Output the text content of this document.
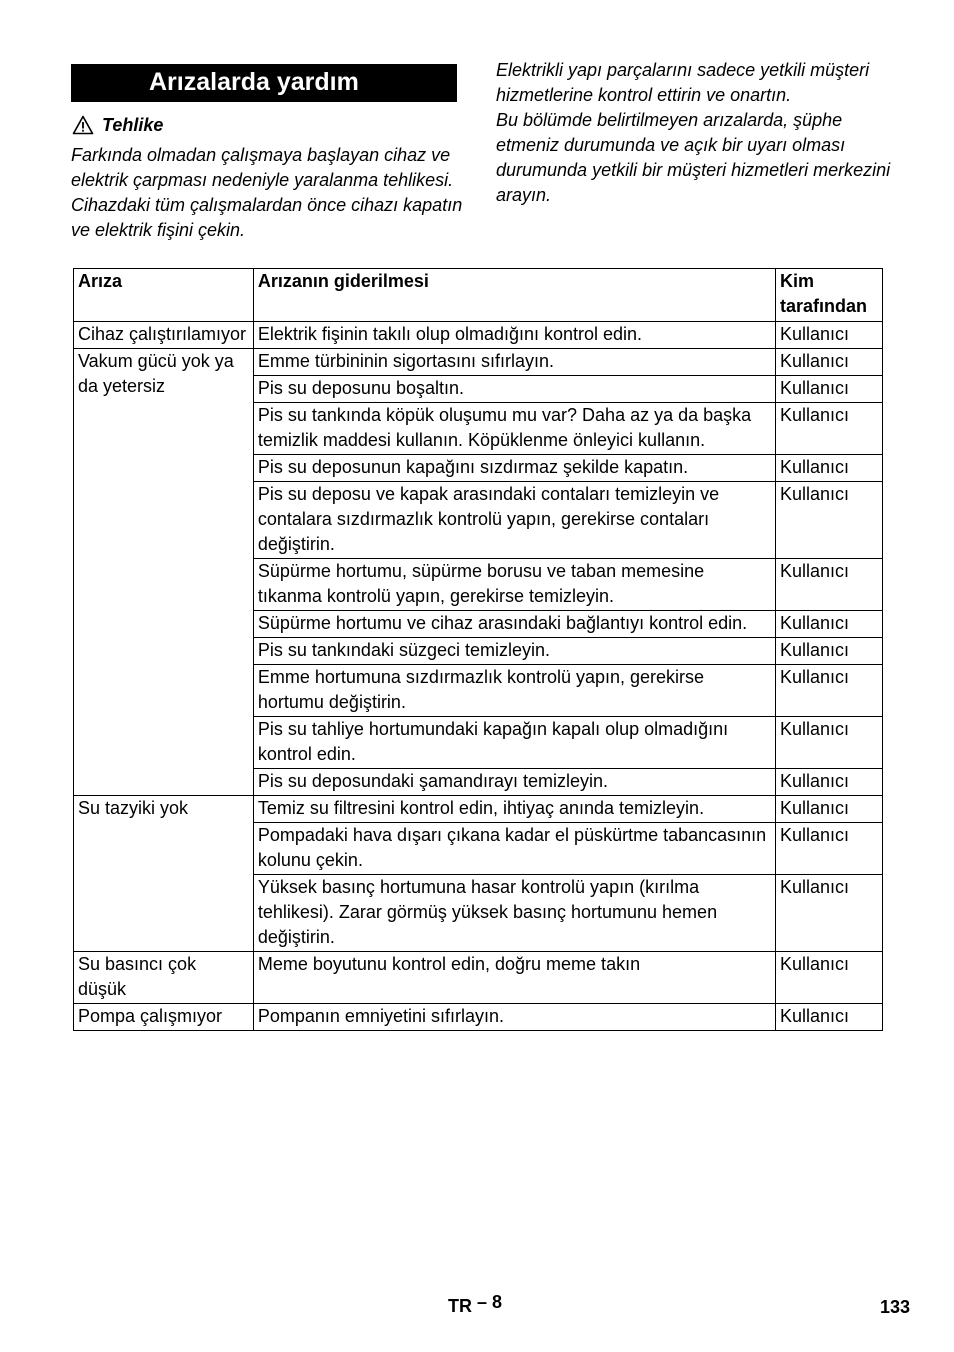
Arızalarda yardım
Tehlike

Farkında olmadan çalışmaya başlayan cihaz ve elektrik çarpması nedeniyle yaralanma tehlikesi.

Cihazdaki tüm çalışmalardan önce cihazı kapatın ve elektrik fişini çekin.

Elektrikli yapı parçalarını sadece yetkili müşteri hizmetlerine kontrol ettirin ve onartın.

Bu bölümde belirtilmeyen arızalarda, şüphe etmeniz durumunda ve açık bir uyarı olması durumunda yetkili bir müşteri hizmetleri merkezini arayın.

Arıza	Arızanın giderilmesi	Kim tarafından
Cihaz çalıştırılamıyor	Elektrik fişinin takılı olup olmadığını kontrol edin.	Kullanıcı
Vakum gücü yok ya da yetersiz	Emme türbininin sigortasını sıfırlayın.	Kullanıcı
	Pis su deposunu boşaltın.	Kullanıcı
	Pis su tankında köpük oluşumu mu var? Daha az ya da başka temizlik maddesi kullanın. Köpüklenme önleyici kullanın.	Kullanıcı
	Pis su deposunun kapağını sızdırmaz şekilde kapatın.	Kullanıcı
	Pis su deposu ve kapak arasındaki contaları temizleyin ve contalara sızdırmazlık kontrolü yapın, gerekirse contaları değiştirin.	Kullanıcı
	Süpürme hortumu, süpürme borusu ve taban memesine tıkanma kontrolü yapın, gerekirse temizleyin.	Kullanıcı
	Süpürme hortumu ve cihaz arasındaki bağlantıyı kontrol edin.	Kullanıcı
	Pis su tankındaki süzgeci temizleyin.	Kullanıcı
	Emme hortumuna sızdırmazlık kontrolü yapın, gerekirse hortumu değiştirin.	Kullanıcı
	Pis su tahliye hortumundaki kapağın kapalı olup olmadığını kontrol edin.	Kullanıcı
	Pis su deposundaki şamandırayı temizleyin.	Kullanıcı
Su tazyiki yok	Temiz su filtresini kontrol edin, ihtiyaç anında temizleyin.	Kullanıcı
	Pompadaki hava dışarı çıkana kadar el püskürtme tabancasının kolunu çekin.	Kullanıcı
	Yüksek basınç hortumuna hasar kontrolü yapın (kırılma tehlikesi). Zarar görmüş yüksek basınç hortumunu hemen değiştirin.	Kullanıcı
Su basıncı çok düşük	Meme boyutunu kontrol edin, doğru meme takın	Kullanıcı
Pompa çalışmıyor	Pompanın emniyetini sıfırlayın.	Kullanıcı
TR – 8	133
